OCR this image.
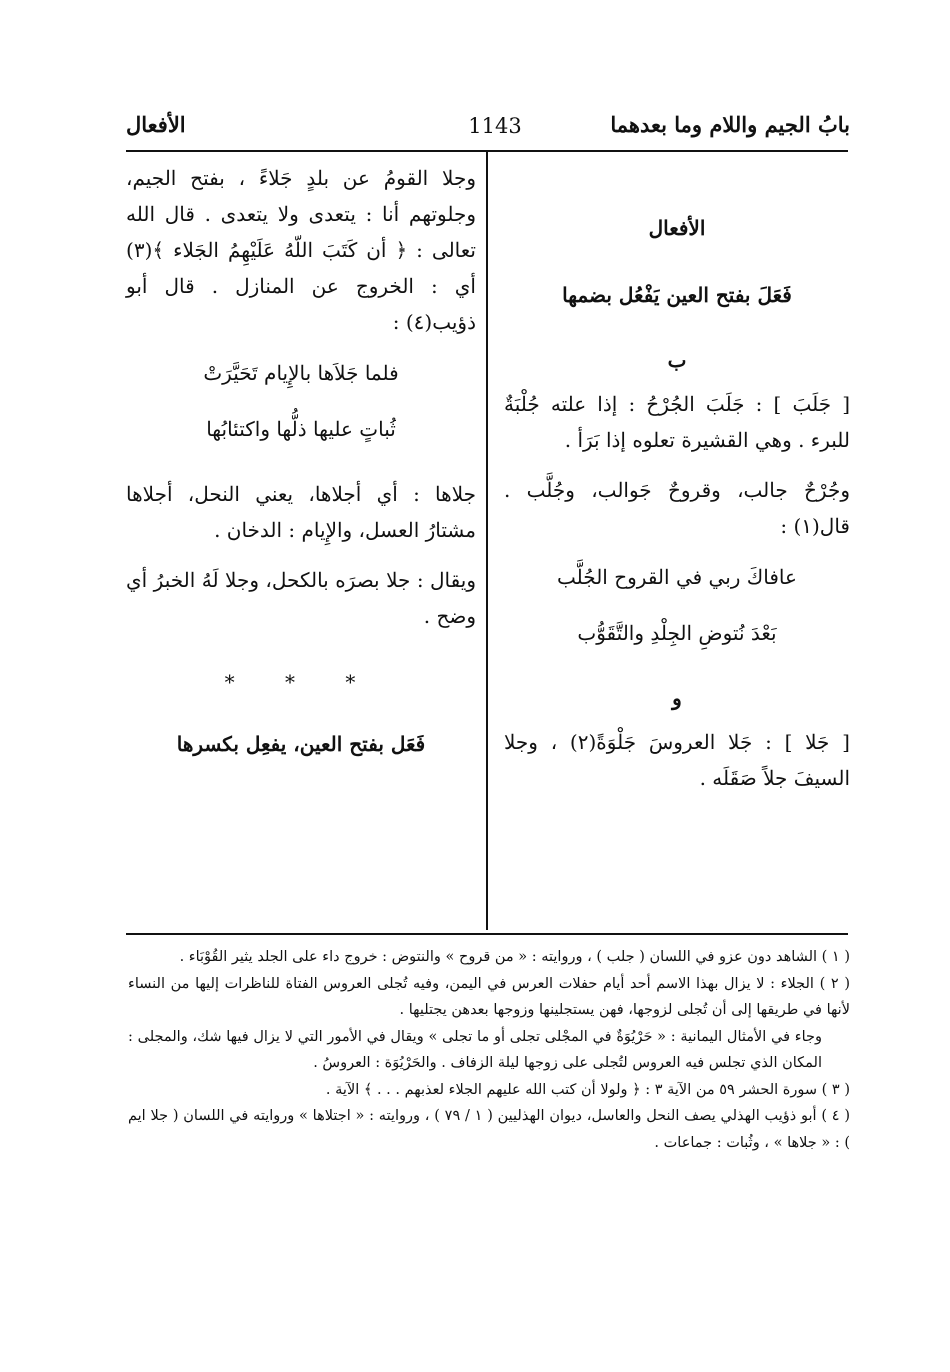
بابُ الجيم واللام وما بعدهما
1143
الأفعال

الأفعال

فَعَلَ بفتح العين يَفْعُل بضمها

ب

[ جَلَبَ ] : جَلَبَ الجُرْحُ : إذا علته جُلْبَةٌ للبرء . وهي القشيرة تعلوه إذا بَرَأ .

وجُرْحٌ جالب، وقروحٌ جَوالب، وجُلَّب . قال(١) :

عافاكَ ربي في القروح الجُلَّب

بَعْدَ نُتوضِ الجِلْدِ والتَّقَوُّب

و

[ جَلا ] : جَلا العروسَ جَلْوَةً(٢) ، وجلا السيفَ جلاً صَقَلَه .

وجلا القومُ عن بلدٍ جَلاءً ، بفتح الجيم، وجلوتهم أنا : يتعدى ولا يتعدى . قال الله تعالى : ﴿ أن كَتَبَ اللّهُ عَلَيْهِمُ الجَلاء ﴾(٣) أي : الخروج عن المنازل . قال أبو ذؤيب(٤) :

فلما جَلاَها بالإِيام تَحَيَّرَتْ

ثُباتٍ عليها ذلُّها واكتئابُها

جلاها : أي أجلاها، يعني النحل، أجلاها مشتارُ العسل، والإِيام : الدخان .

ويقال : جلا بصرَه بالكحل، وجلا لَهُ الخبرُ أي وضح .

* * *

فَعَل بفتح العين، يفعِل بكسرها

( ١ ) الشاهد دون عزو في اللسان ( جلب ) ، وروايته : « من قروح » والنتوض : خروج داء على الجلد يثير القُوْبَاء .

( ٢ ) الجلاء : لا يزال بهذا الاسم أحد أيام حفلات العرس في اليمن، وفيه تُجلى العروس الفتاة للناظرات إليها من النساء لأنها في طريقها إلى أن تُجلى لزوجها، فهن يستجلينها وزوجها بعدهن يجتليها .

وجاء في الأمثال اليمانية : « حَرْيُوَةٌ في المجْلى تجلى أو ما تجلى » ويقال في الأمور التي لا يزال فيها شك، والمجلى : المكان الذي تجلس فيه العروس لتُجلى على زوجها ليلة الزفاف . والحَرْيُوَة : العروسُ .

( ٣ ) سورة الحشر ٥٩ من الآية ٣ : ﴿ ولولا أن كتب الله عليهم الجلاء لعذبهم . . . ﴾ الآية .

( ٤ ) أبو ذؤيب الهذلي يصف النحل والعاسل، ديوان الهذليين ( ١ / ٧٩ ) ، وروايته : « اجتلاها » وروايته في اللسان ( جلا ايم ) : « جلاها » ، وثُبات : جماعات .
